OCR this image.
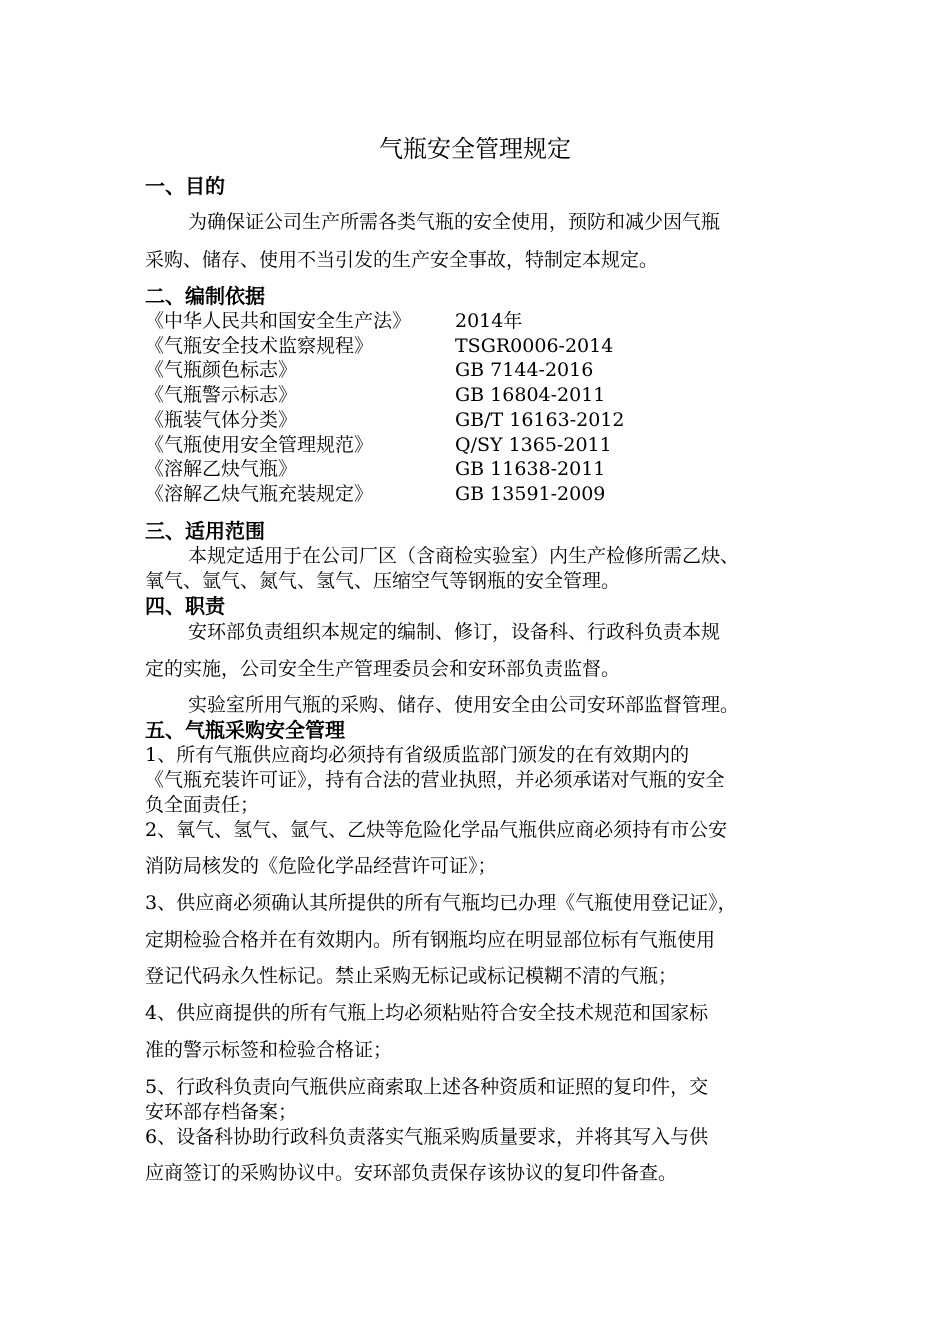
气瓶安全管理规定
一、目的
为确保证公司生产所需各类气瓶的安全使用，预防和减少因气瓶
采购、储存、使用不当引发的生产安全事故，特制定本规定。
二、编制依据
《中华人民共和国安全生产法》 2014年
《气瓶安全技术监察规程》	TSGR0006-2014
《气瓶颜色标志》	GB 7144-2016
《气瓶警示标志》	GB 16804-2011
《瓶装气体分类》	GB/T 16163-2012
《气瓶使用安全管理规范》	Q/SY 1365-2011
《溶解乙炔气瓶》	GB 11638-2011
《溶解乙炔气瓶充装规定》	GB 13591-2009
三、适用范围
本规定适用于在公司厂区（含商检实验室）内生产检修所需乙炔、
氧气、氩气、氮气、氢气、压缩空气等钢瓶的安全管理。
四、职责
安环部负责组织本规定的编制、修订，设备科、行政科负责本规
定的实施，公司安全生产管理委员会和安环部负责监督。
实验室所用气瓶的采购、储存、使用安全由公司安环部监督管理。
五、气瓶采购安全管理
1、所有气瓶供应商均必须持有省级质监部门颁发的在有效期内的
《气瓶充装许可证》，持有合法的营业执照，并必须承诺对气瓶的安全
负全面责任；
2、氧气、氢气、氩气、乙炔等危险化学品气瓶供应商必须持有市公安
消防局核发的《危险化学品经营许可证》；
3、供应商必须确认其所提供的所有气瓶均已办理《气瓶使用登记证》，
定期检验合格并在有效期内。所有钢瓶均应在明显部位标有气瓶使用
登记代码永久性标记。禁止采购无标记或标记模糊不清的气瓶；
4、供应商提供的所有气瓶上均必须粘贴符合安全技术规范和国家标
准的警示标签和检验合格证；
5、行政科负责向气瓶供应商索取上述各种资质和证照的复印件，交
安环部存档备案；
6、设备科协助行政科负责落实气瓶采购质量要求，并将其写入与供
应商签订的采购协议中。安环部负责保存该协议的复印件备查。
